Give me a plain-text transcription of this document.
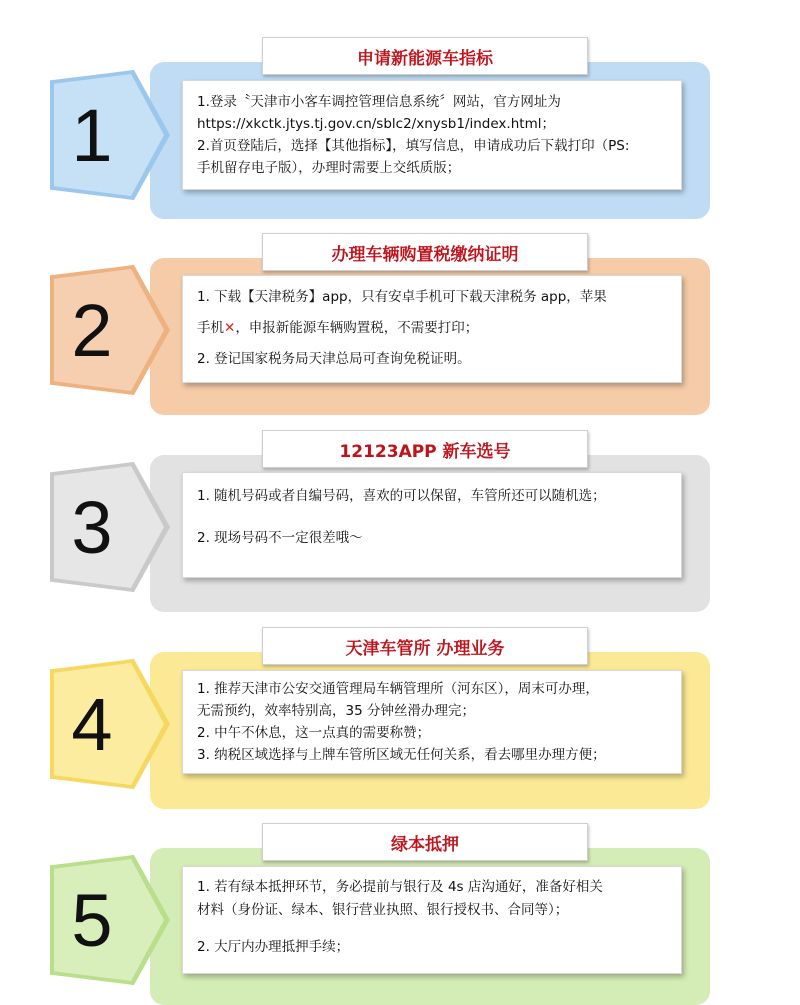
1
申请新能源车指标

1.登录〝天津市小客车调控管理信息系统〞网站，官方网址为

https://xkctk.jtys.tj.gov.cn/sblc2/xnysb1/index.html；

2.首页登陆后，选择【其他指标】，填写信息，申请成功后下载打印（PS:

手机留存电子版），办理时需要上交纸质版；

2
办理车辆购置税缴纳证明

1. 下载【天津税务】app，只有安卓手机可下载天津税务 app，苹果

手机✕，申报新能源车辆购置税，不需要打印；

2. 登记国家税务局天津总局可查询免税证明。

3
12123APP 新车选号

1. 随机号码或者自编号码，喜欢的可以保留，车管所还可以随机选；

2. 现场号码不一定很差哦～

4
天津车管所 办理业务

1. 推荐天津市公安交通管理局车辆管理所（河东区），周末可办理，

无需预约，效率特别高，35 分钟丝滑办理完；

2. 中午不休息，这一点真的需要称赞；

3. 纳税区域选择与上牌车管所区域无任何关系，看去哪里办理方便；

5
绿本抵押

1. 若有绿本抵押环节，务必提前与银行及 4s 店沟通好，准备好相关

材料（身份证、绿本、银行营业执照、银行授权书、合同等）；

2. 大厅内办理抵押手续；
